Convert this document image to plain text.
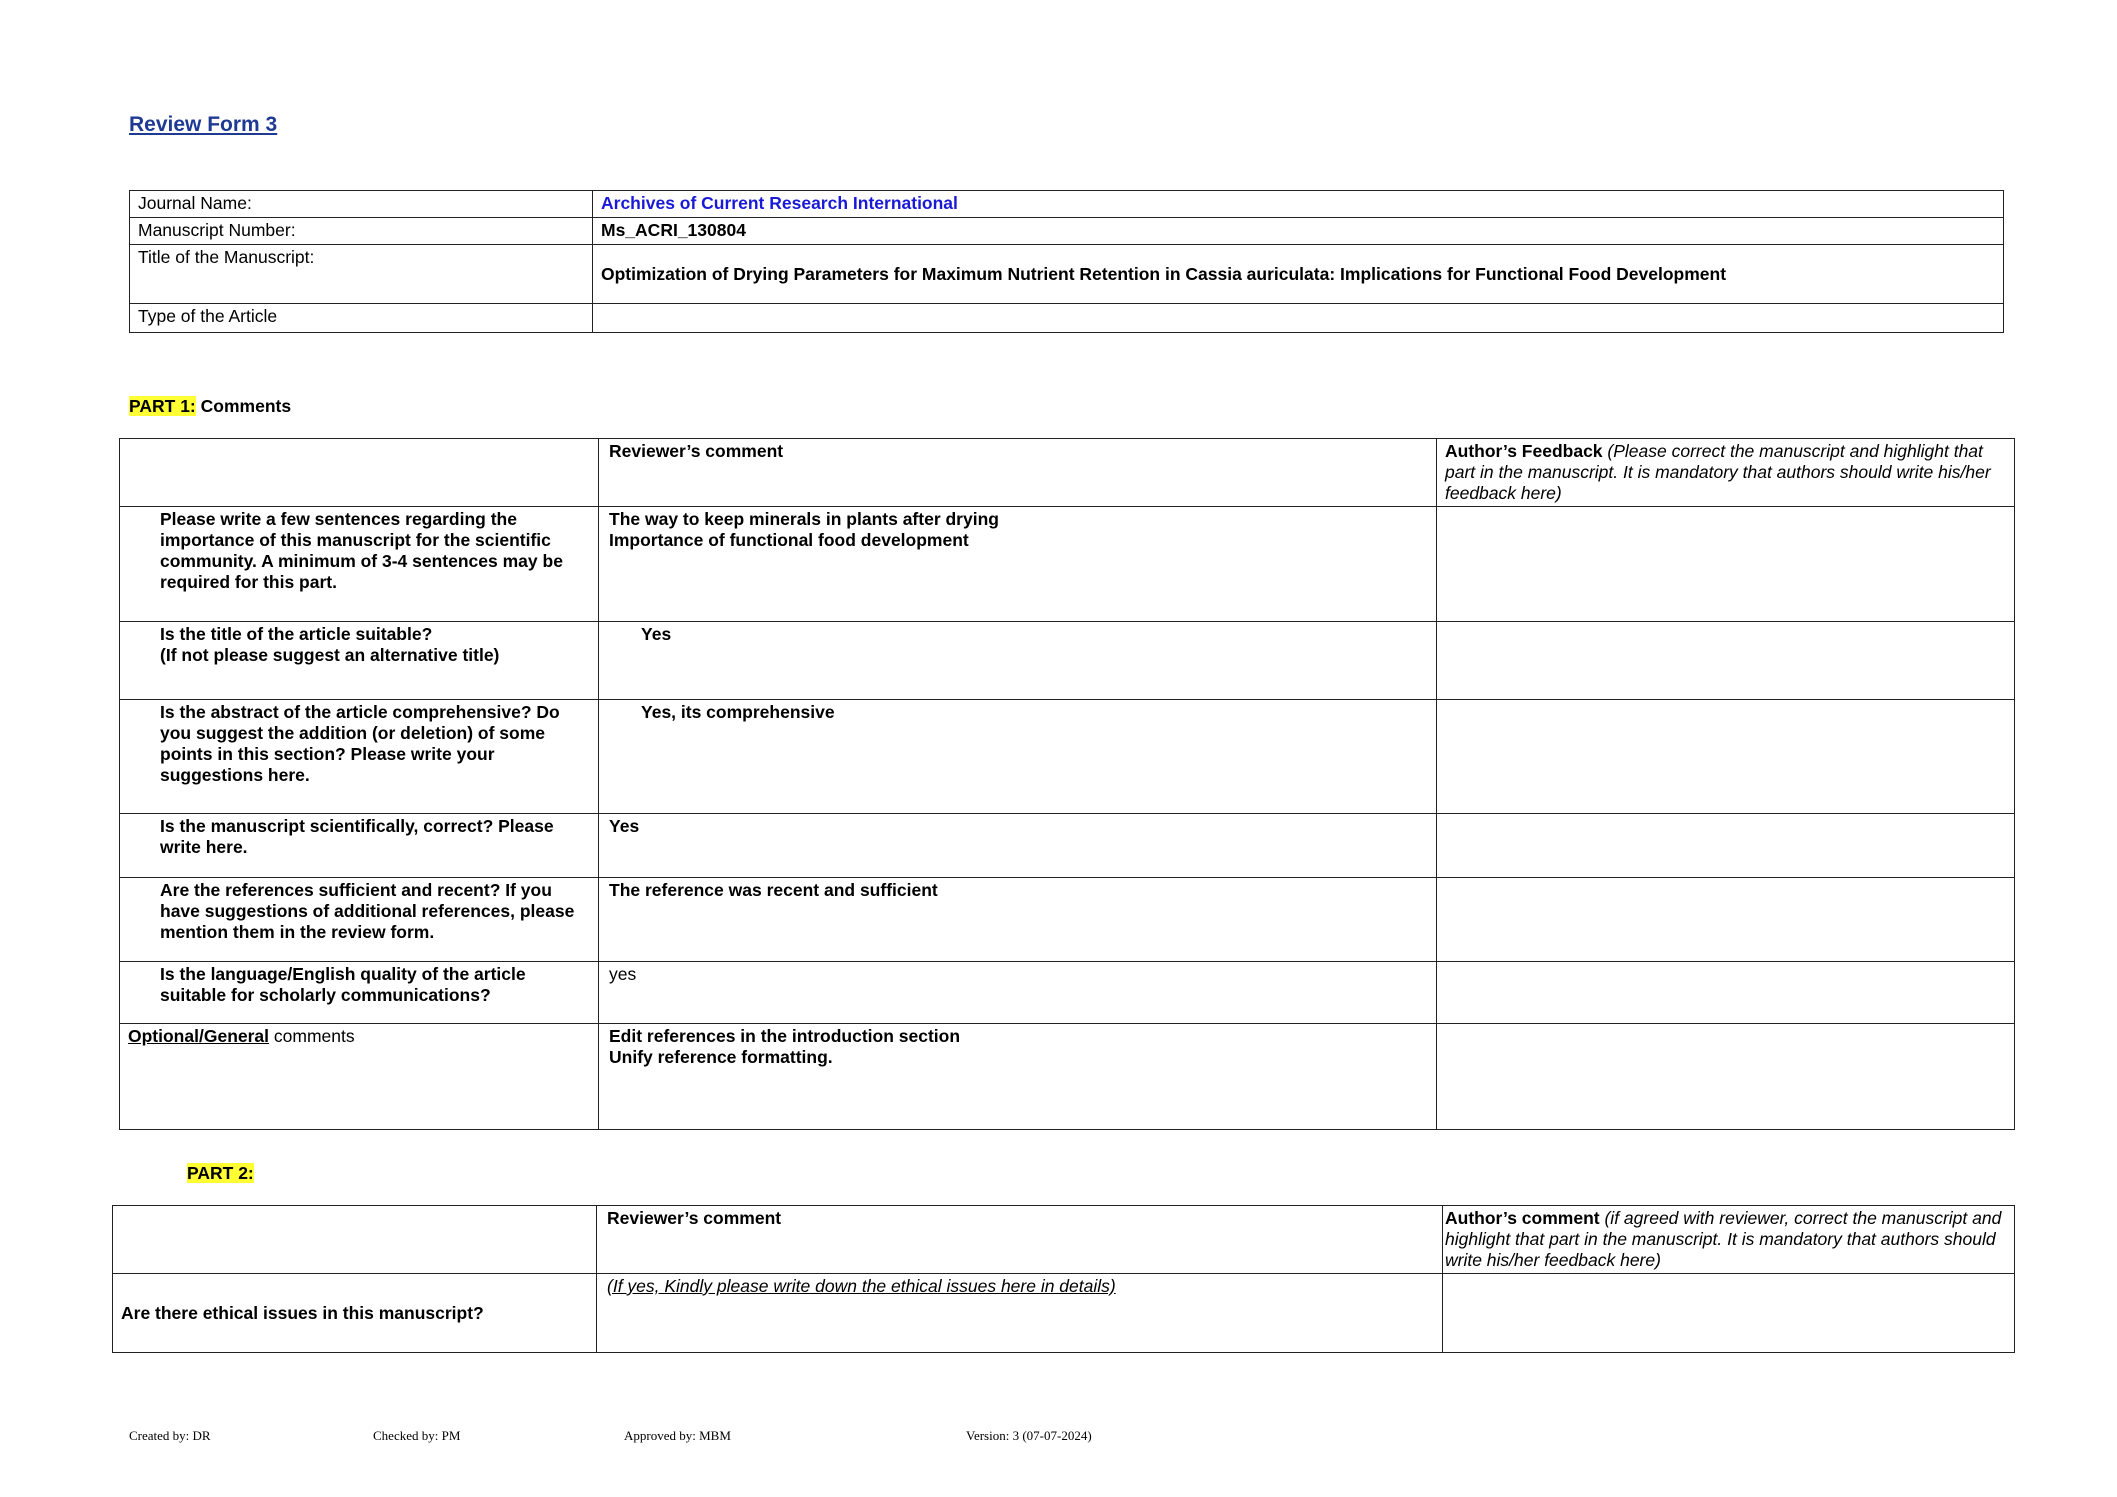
Review Form 3
Journal Name:	Archives of Current Research International
Manuscript Number:	Ms_ACRI_130804
Title of the Manuscript:	Optimization of Drying Parameters for Maximum Nutrient Retention in Cassia auriculata: Implications for Functional Food Development
Type of the Article	
PART 1: Comments
	Reviewer’s comment	Author’s Feedback (Please correct the manuscript and highlight that part in the manuscript. It is mandatory that authors should write his/her feedback here)
Please write a few sentences regarding the importance of this manuscript for the scientific community. A minimum of 3-4 sentences may be required for this part.	The way to keep minerals in plants after drying
Importance of functional food development	

Is the title of the article suitable?
(If not please suggest an alternative title)	Yes	
Is the abstract of the article comprehensive? Do you suggest the addition (or deletion) of some points in this section? Please write your suggestions here.	Yes, its comprehensive	
Is the manuscript scientifically, correct? Please write here.	Yes	
Are the references sufficient and recent? If you have suggestions of additional references, please mention them in the review form.	The reference was recent and sufficient	
Is the language/English quality of the article suitable for scholarly communications?	yes	
Optional/General comments	Edit references in the introduction section
Unify reference formatting.	

PART 2:
	Reviewer’s comment	Author’s comment (if agreed with reviewer, correct the manuscript and highlight that part in the manuscript. It is mandatory that authors should write his/her feedback here)
Are there ethical issues in this manuscript?	(If yes, Kindly please write down the ethical issues here in details)	
Created by: DR	Checked by: PM	Approved by: MBM	Version: 3 (07-07-2024)
